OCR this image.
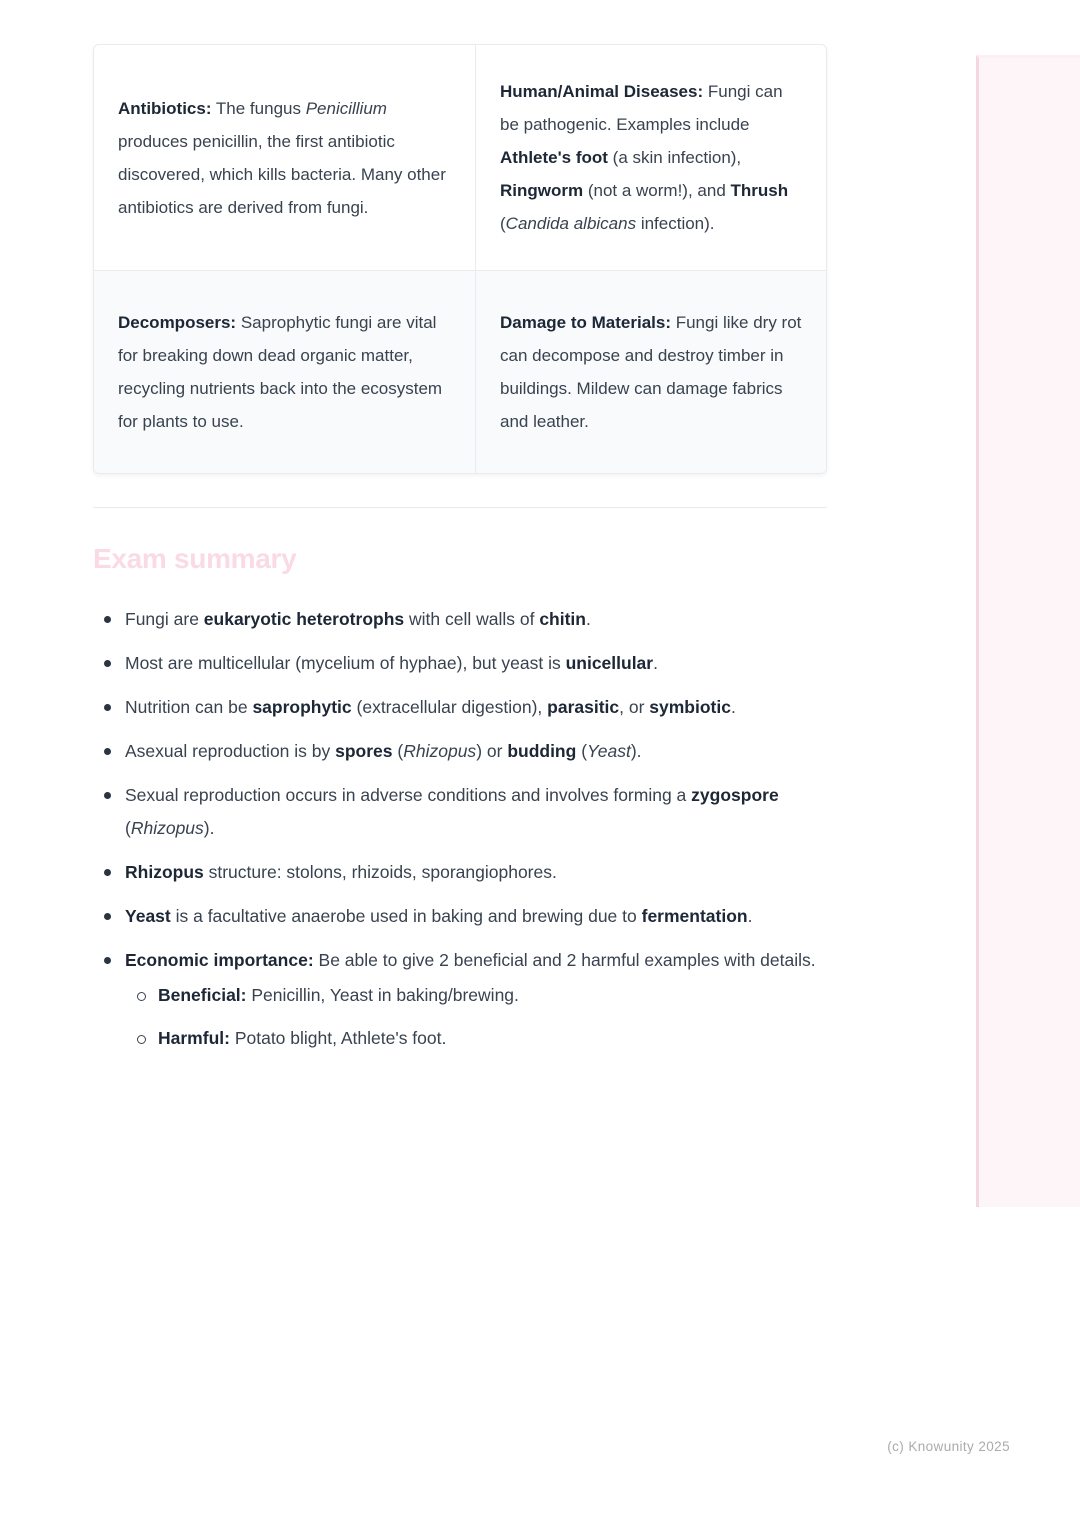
Antibiotics: The fungus Penicillium produces penicillin, the first antibiotic discovered, which kills bacteria. Many other antibiotics are derived from fungi.
Human/Animal Diseases: Fungi can be pathogenic. Examples include Athlete's foot (a skin infection), Ringworm (not a worm!), and Thrush (Candida albicans infection).
Decomposers: Saprophytic fungi are vital for breaking down dead organic matter, recycling nutrients back into the ecosystem for plants to use.
Damage to Materials: Fungi like dry rot can decompose and destroy timber in buildings. Mildew can damage fabrics and leather.
Exam summary
Fungi are eukaryotic heterotrophs with cell walls of chitin.
Most are multicellular (mycelium of hyphae), but yeast is unicellular.
Nutrition can be saprophytic (extracellular digestion), parasitic, or symbiotic.
Asexual reproduction is by spores (Rhizopus) or budding (Yeast).
Sexual reproduction occurs in adverse conditions and involves forming a zygospore (Rhizopus).
Rhizopus structure: stolons, rhizoids, sporangiophores.
Yeast is a facultative anaerobe used in baking and brewing due to fermentation.
Economic importance: Be able to give 2 beneficial and 2 harmful examples with details.
Beneficial: Penicillin, Yeast in baking/brewing.
Harmful: Potato blight, Athlete's foot.
(c) Knowunity 2025
